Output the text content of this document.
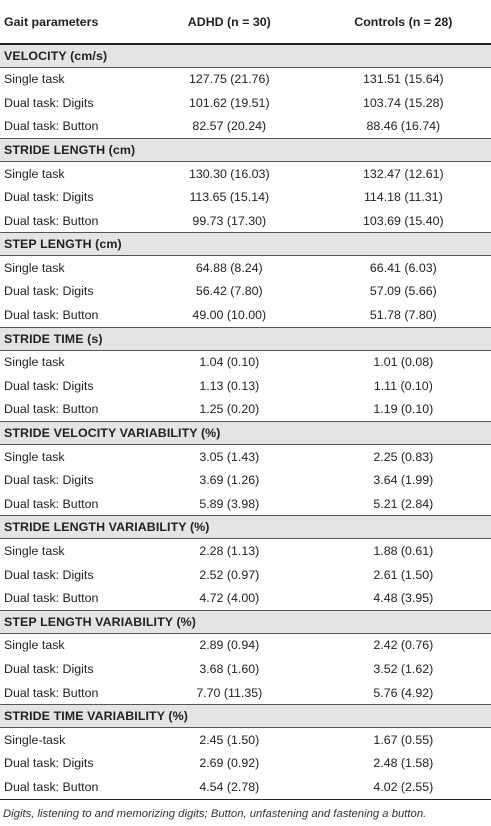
Gait parameters	ADHD (n = 30)	Controls (n = 28)
VELOCITY (cm/s)		
Single task	127.75 (21.76)	131.51 (15.64)
Dual task: Digits	101.62 (19.51)	103.74 (15.28)
Dual task: Button	82.57 (20.24)	88.46 (16.74)
STRIDE LENGTH (cm)		
Single task	130.30 (16.03)	132.47 (12.61)
Dual task: Digits	113.65 (15.14)	114.18 (11.31)
Dual task: Button	99.73 (17.30)	103.69 (15.40)
STEP LENGTH (cm)		
Single task	64.88 (8.24)	66.41 (6.03)
Dual task: Digits	56.42 (7.80)	57.09 (5.66)
Dual task: Button	49.00 (10.00)	51.78 (7.80)
STRIDE TIME (s)		
Single task	1.04 (0.10)	1.01 (0.08)
Dual task: Digits	1.13 (0.13)	1.11 (0.10)
Dual task: Button	1.25 (0.20)	1.19 (0.10)
STRIDE VELOCITY VARIABILITY (%)		
Single task	3.05 (1.43)	2.25 (0.83)
Dual task: Digits	3.69 (1.26)	3.64 (1.99)
Dual task: Button	5.89 (3.98)	5.21 (2.84)
STRIDE LENGTH VARIABILITY (%)		
Single task	2.28 (1.13)	1.88 (0.61)
Dual task: Digits	2.52 (0.97)	2.61 (1.50)
Dual task: Button	4.72 (4.00)	4.48 (3.95)
STEP LENGTH VARIABILITY (%)		
Single task	2.89 (0.94)	2.42 (0.76)
Dual task: Digits	3.68 (1.60)	3.52 (1.62)
Dual task: Button	7.70 (11.35)	5.76 (4.92)
STRIDE TIME VARIABILITY (%)		
Single-task	2.45 (1.50)	1.67 (0.55)
Dual task: Digits	2.69 (0.92)	2.48 (1.58)
Dual task: Button	4.54 (2.78)	4.02 (2.55)
Digits, listening to and memorizing digits; Button, unfastening and fastening a button.
